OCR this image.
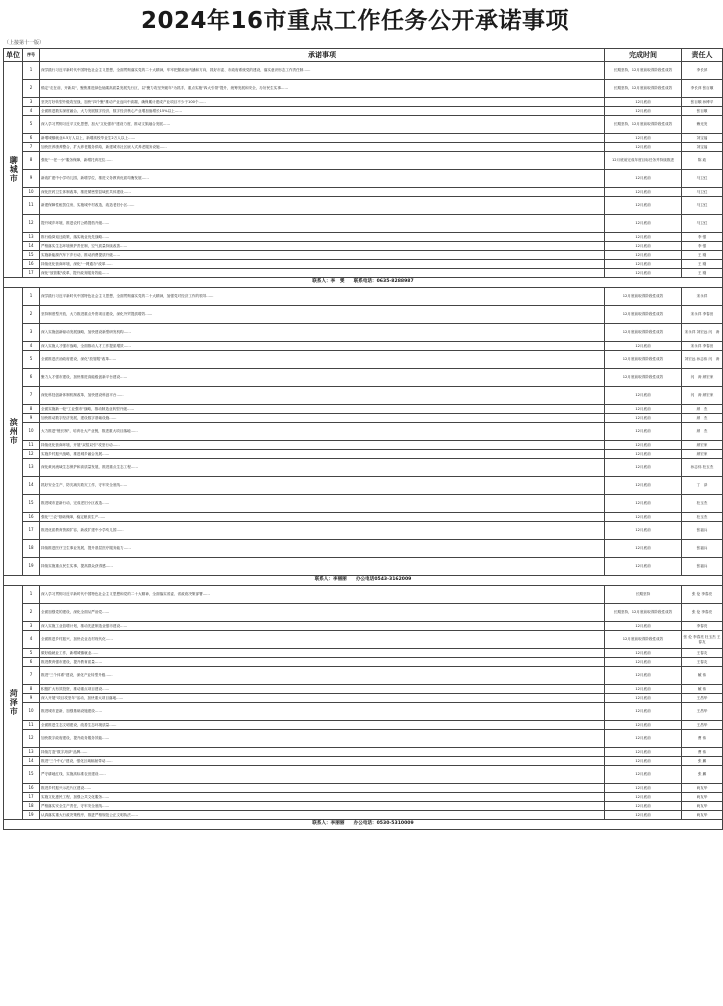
2024年16市重点工作任务公开承诺事项
（上接第十一版）
单位	序号	承诺事项	完成时间	责任人

聊城市	1	深学践行习近平新时代中国特色社会主义思想，全面贯彻落实党的二十大精神，牢牢把握政治内涵和方向，抓好市委、市政府系统党的建设，落实意识形态工作责任制……	长期坚持，12月底前取得阶段性成效	李长萍
	2	锚定"走在前，开新局"，聚焦推进绿色低碳高质量发展先行区，以"聚力攻坚突破年"为抓手，重点实施"四大引领"提升，统筹发展和安全，办好民生实事……	长期坚持，12月底前取得阶段性成效	李长萍 张百顺
	3	坚决打好转型升级攻坚战，加快"四个聚"推动产业迈向中高端，确保累计建成产业项目不少于100个……	12月底前	张百顺 孙博平
	4	全面推进数实深度融合，大力发展数字经济，数字经济核心产业增加值增长15%以上……	12月底前	张百顺
	5	深入学习贯彻习近平文化思想，加大"文化强市"建设力度，推动文旅融合发展……	长期坚持，12月底前取得阶段性成效	赖光发
	6	新增城镇就业4.5万人以上，新增高校毕业生2万人以上……	12月底前	刘宝福
	7	加快医养康养整合，扩大养老服务供给，新建城市社区嵌入式养老服务设施……	12月底前	刘宝福
	8	强化"一老一小"服务保障，新增托育托位……	12月底前完成年度目标任务并持续推进	陈 政
	9	新改扩建中小学幼儿园，新增学位，推进义务教育优质均衡发展……	12月底前	马卫红
	10	深化医药卫生体制改革，推进紧密型县域医共体建设……	12月底前	马卫红
	11	新建保障性租赁住房，实施城中村改造，改造老旧小区……	12月底前	马卫红
	12	提升城乡环境，推进农村公路提档升级……	12月底前	马卫红
	13	推行稳岗返还政策，落实就业优先战略……	12月底前	李 强
	14	严格落实生态环境保护责任制，空气质量持续改善……	12月底前	李 强
	15	实施新能源汽车下乡行动，推动消费提质升级……	12月底前	王 刚
	16	持续优化营商环境，深化"一网通办"改革……	12月底前	王 刚
	17	深化"放管服"改革，提升政务服务效能……	12月底前	王 刚
联系人：李　雯　　联系电话：0635-8288987				

滨州市	1	深学践行习近平新时代中国特色社会主义思想，全面贯彻落实党的二十大精神，加强党对经济工作的领导……	12月底前取得阶段性成效	宋永祥
	2	坚持制度型开放，大力推进重点外资项目建设，深化外贸提质增效……	12月底前取得阶段性成效	宋永祥 李春田
	3	深入实施创新驱动发展战略，加快建设新型研发机构……	12月底前取得阶段性成效	宋永祥 刘宏远 闫　涛
	4	深入实施人才强市战略，全面推动人才工作提质增效……	12月底前	宋永祥 李春田
	5	全面推进法治政府建设，深化"放管服"改革……	12月底前取得阶段性成效	刘宏远 孙志伟 闫　涛
	6	聚力人才强市建设，加快推进高能级创新平台建设……	12月底前取得阶段性成效	闫　涛 颜宏家
	7	深化科技创新体制机制改革，加快建设科创平台……	12月底前	闫　涛 颜宏家
	8	全面实施新一轮"工业强市"战略，推动制造业转型升级……	12月底前	颜　杰
	9	加快推动数字经济发展，建设数字基础设施……	12月底前	颜　杰
	10	大力推进"链长制"，培育壮大产业链，推进重大项目落地……	12月底前	颜　杰
	11	持续优化营商环境，开展"双招双引"攻坚行动……	12月底前	颜宏家
	12	实施乡村振兴战略，推进城乡融合发展……	12月底前	颜宏家
	13	深化黄河流域生态保护和高质量发展，推进重点生态工程……	12月底前	孙志伟 杜玉杰
	14	抓好安全生产、防灾减灾救灾工作，守牢安全底线……	12月底前	丁　泽
	15	推进城市更新行动，完成老旧小区改造……	12月底前	杜玉杰
	16	强化"三农"基础保障，稳定粮食生产……	12月底前	杜玉杰
	17	推进优质教育资源扩容，新改扩建中小学幼儿园……	12月底前	张福兵
	18	持续推进医疗卫生事业发展，提升基层医疗服务能力……	12月底前	张福兵
	19	持续实施重点民生实事，提高群众获得感……	12月底前	张福兵
联系人：李丽丽　　办公电话0543-3162009				

菏泽市	1	深入学习贯彻习近平新时代中国特色社会主义思想和党的二十大精神，全面落实省委、省政府决策部署……	长期坚持	张 伦 李春亮
	2	全面加强党的建设，深化全面从严治党……	长期坚持，12月底前取得阶段性成效	张 伦 李春亮
	3	深入实施工业倍增计划，推动先进制造业强市建设……	12月底前	李春亮
	4	全面推进乡村振兴，加快农业农村现代化……	12月底前取得阶段性成效	张 伦 李春亮 杜玉杰 王春友
	5	做好稳就业工作，新增城镇就业……	12月底前	王春友
	6	推进教育强市建设，提升教育质量……	12月底前	王春友
	7	推进"三个体系"建设，深化产业转型升级……	12月底前	臧 伟
	8	积极扩大有效投资，推动重点项目建设……	12月底前	臧 伟
	9	深入开展"项目攻坚年"活动，加快重大项目落地……	12月底前	王昌华
	10	推进城市更新，加强基础设施建设……	12月底前	王昌华
	11	全面推进生态文明建设，改善生态环境质量……	12月底前	王昌华
	12	加快数字政府建设，提升政务服务效能……	12月底前	曹 伟
	13	持续打造"数字菏泽"品牌……	12月底前	曹 伟
	14	推进"三个中心"建设，强化区域辐射带动……	12月底前	张 鹏
	15	严守耕地红线，实施高标准农田建设……	12月底前	张 鹏
	16	推进乡村振兴示范片区建设……	12月底前	尚友华
	17	实施文化惠民工程，加强公共文化服务……	12月底前	尚友华
	18	严格落实安全生产责任，守牢安全底线……	12月底前	尚友华
	19	认真落实重大行政决策程序，推进严格规范公正文明执法……	12月底前	尚友华
联系人：李丽丽　　办公电话：0530-5310009				
